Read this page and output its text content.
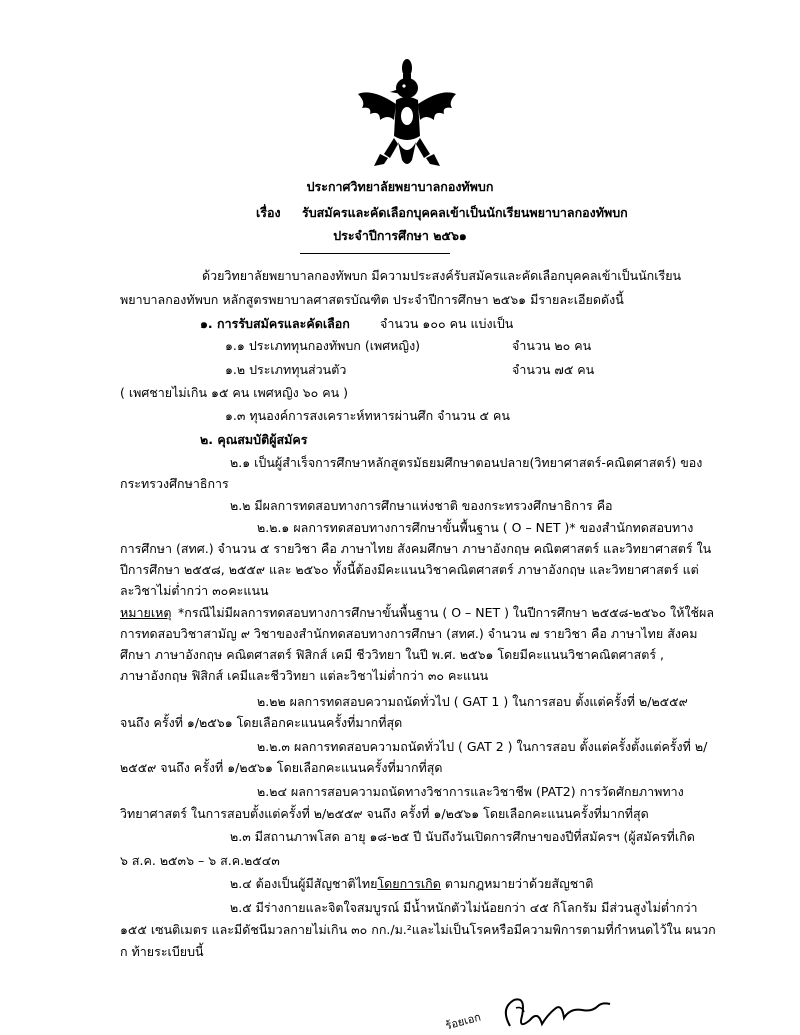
ประกาศวิทยาลัยพยาบาลกองทัพบก
เรื่อง รับสมัครและคัดเลือกบุคคลเข้าเป็นนักเรียนพยาบาลกองทัพบก
ประจำปีการศึกษา ๒๕๖๑
ด้วยวิทยาลัยพยาบาลกองทัพบก มีความประสงค์รับสมัครและคัดเลือกบุคคลเข้าเป็นนักเรียน
พยาบาลกองทัพบก หลักสูตรพยาบาลศาสตรบัณฑิต ประจำปีการศึกษา ๒๕๖๑ มีรายละเอียดดังนี้
๑. การรับสมัครและคัดเลือก จำนวน ๑๐๐ คน แบ่งเป็น
๑.๑ ประเภททุนกองทัพบก (เพศหญิง)	จำนวน ๒๐ คน
๑.๒ ประเภททุนส่วนตัว	จำนวน ๗๕ คน
( เพศชายไม่เกิน ๑๕ คน เพศหญิง ๖๐ คน )
๑.๓ ทุนองค์การสงเคราะห์ทหารผ่านศึก จำนวน ๕ คน
๒. คุณสมบัติผู้สมัคร
๒.๑ เป็นผู้สำเร็จการศึกษาหลักสูตรมัธยมศึกษาตอนปลาย(วิทยาศาสตร์-คณิตศาสตร์) ของ
กระทรวงศึกษาธิการ
๒.๒ มีผลการทดสอบทางการศึกษาแห่งชาติ ของกระทรวงศึกษาธิการ คือ
๒.๒.๑ ผลการทดสอบทางการศึกษาขั้นพื้นฐาน ( O – NET )* ของสำนักทดสอบทาง
การศึกษา (สทศ.) จำนวน ๕ รายวิชา คือ ภาษาไทย สังคมศึกษา ภาษาอังกฤษ คณิตศาสตร์ และวิทยาศาสตร์ ใน
ปีการศึกษา ๒๕๕๘, ๒๕๕๙ และ ๒๕๖๐ ทั้งนี้ต้องมีคะแนนวิชาคณิตศาสตร์ ภาษาอังกฤษ และวิทยาศาสตร์ แต่
ละวิชาไม่ต่ำกว่า ๓๐คะแนน
หมายเหตุ *กรณีไม่มีผลการทดสอบทางการศึกษาขั้นพื้นฐาน ( O – NET ) ในปีการศึกษา ๒๕๕๘-๒๕๖๐ ให้ใช้ผล
การทดสอบวิชาสามัญ ๙ วิชาของสำนักทดสอบทางการศึกษา (สทศ.) จำนวน ๗ รายวิชา คือ ภาษาไทย สังคม
ศึกษา ภาษาอังกฤษ คณิตศาสตร์ ฟิสิกส์ เคมี ชีววิทยา ในปี พ.ศ. ๒๕๖๑ โดยมีคะแนนวิชาคณิตศาสตร์ ,
ภาษาอังกฤษ ฟิสิกส์ เคมีและชีววิทยา แต่ละวิชาไม่ต่ำกว่า ๓๐ คะแนน
๒.๒๒ ผลการทดสอบความถนัดทั่วไป ( GAT 1 ) ในการสอบ ตั้งแต่ครั้งที่ ๒/๒๕๕๙
จนถึง ครั้งที่ ๑/๒๕๖๑ โดยเลือกคะแนนครั้งที่มากที่สุด
๒.๒.๓ ผลการทดสอบความถนัดทั่วไป ( GAT 2 ) ในการสอบ ตั้งแต่ครั้งตั้งแต่ครั้งที่ ๒/
๒๕๕๙ จนถึง ครั้งที่ ๑/๒๕๖๑ โดยเลือกคะแนนครั้งที่มากที่สุด
๒.๒๔ ผลการสอบความถนัดทางวิชาการและวิชาชีพ (PAT2) การวัดศักยภาพทาง
วิทยาศาสตร์ ในการสอบตั้งแต่ครั้งที่ ๒/๒๕๕๙ จนถึง ครั้งที่ ๑/๒๕๖๑ โดยเลือกคะแนนครั้งที่มากที่สุด
๒.๓ มีสถานภาพโสด อายุ ๑๘-๒๕ ปี นับถึงวันเปิดการศึกษาของปีที่สมัครฯ (ผู้สมัครที่เกิด
๖ ส.ค. ๒๕๓๖ – ๖ ส.ค.๒๕๔๓
๒.๔ ต้องเป็นผู้มีสัญชาติไทยโดยการเกิด ตามกฎหมายว่าด้วยสัญชาติ
๒.๕ มีร่างกายและจิตใจสมบูรณ์ มีน้ำหนักตัวไม่น้อยกว่า ๔๕ กิโลกรัม มีส่วนสูงไม่ต่ำกว่า
๑๕๕ เซนติเมตร และมีดัชนีมวลกายไม่เกิน ๓๐ กก./ม.²และไม่เป็นโรคหรือมีความพิการตามที่กำหนดไว้ใน ผนวก
ก ท้ายระเบียบนี้
ร้อยเอก
